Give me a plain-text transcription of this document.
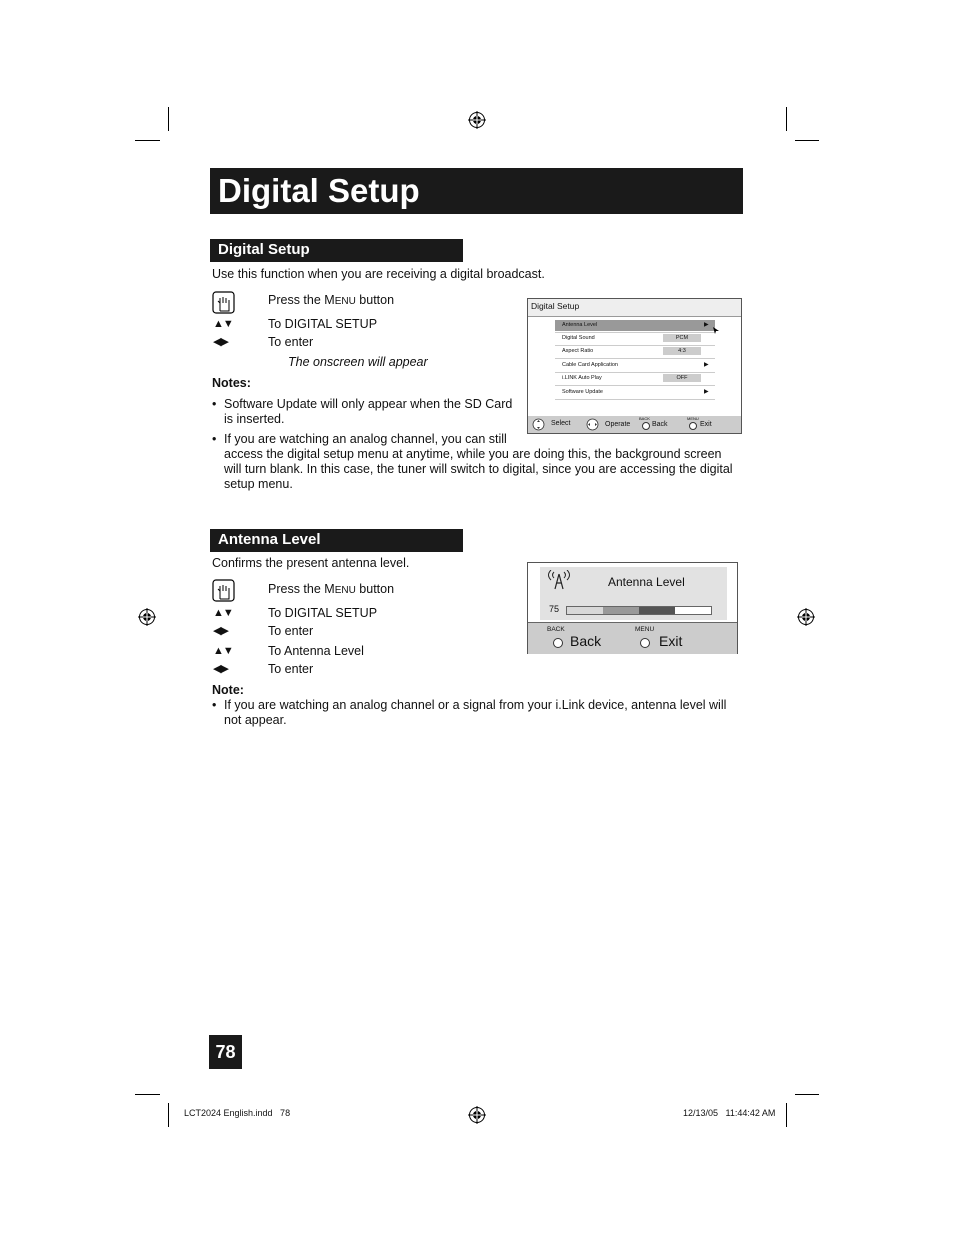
Digital Setup
Digital Setup
Use this function when you are receiving a digital broadcast.
Press the MENU button
▲▼	To DIGITAL SETUP
◀▶	To enter
The onscreen will appear
Notes:
• Software Update will only appear when the SD Card
is inserted.
• If you are watching an analog channel, you can still
access the digital setup menu at anytime, while you are doing this, the background screen
will turn blank. In this case, the tuner will switch to digital, since you are accessing the digital
setup menu.
Digital Setup
Antenna Level	▶
Digital Sound	PCM
Aspect Ratio	4:3
Cable Card Application	▶
i.LINK Auto Play	OFF
Software Update	▶
Select	Operate
BACK
Back
MENU
Exit
Antenna Level
Confirms the present antenna level.
Press the MENU button
▲▼	To DIGITAL SETUP
◀▶	To enter
▲▼	To Antenna Level
◀▶	To enter
Note:
• If you are watching an analog channel or a signal from your i.Link device, antenna level will
not appear.
Antenna Level
75
BACK
Back
MENU
Exit
78
LCT2024 English.indd   78	12/13/05   11:44:42 AM
